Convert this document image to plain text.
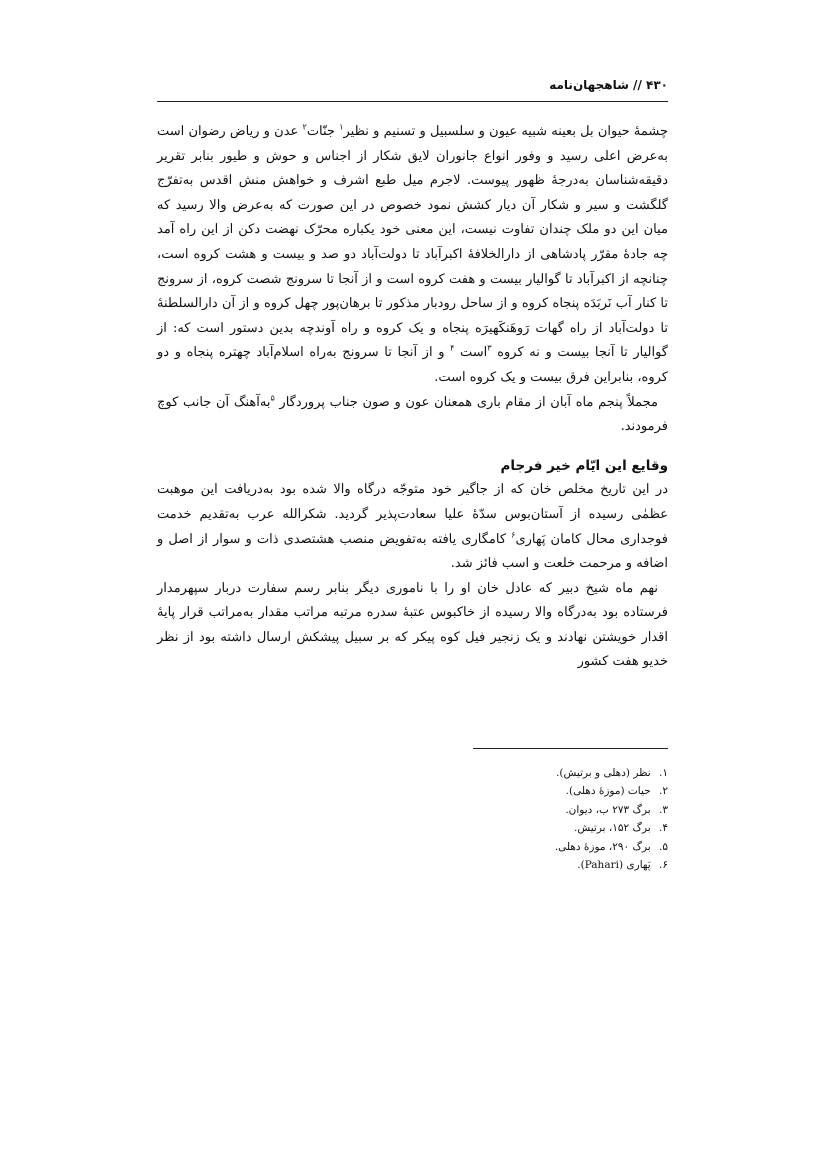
۴۳۰ // شاهجهان‌نامه

چشمهٔ حیوان بل بعینه شبیه عیون و سلسبیل و تسنیم و نظیر$^۱$ جنّات$^۲$ عدن و ریاض رضوان است به‌عرض اعلی رسید و وفور انواع جانوران لایق شکار از اجناس و حوش و طیور بنابر تقریر دقیقه‌شناسان به‌درجهٔ ظهور پیوست. لاجرم میل طبع اشرف و خواهش منش اقدس به‌تفرّج گلگشت و سیر و شکار آن دیار کشش نمود خصوص در این صورت که به‌عرض والا رسید که میان این دو ملک چندان تفاوت نیست، این معنی خود یکباره محرّک نهضت دکن از این راه آمد چه جادهٔ مقرّر پادشاهی از دارالخلافهٔ اکبرآباد تا دولت‌آباد دو صد و بیست و هشت کروه است، چنانچه از اکبرآباد تا گوالیار بیست و هفت کروه است و از آنجا تا سرونج شصت کروه، از سرونج تا کنار آب نَربَدَه پنجاه کروه و از ساحل رودبار مذکور تا برهان‌پور چهل کروه و از آن دارالسلطنهٔ تا دولت‌آباد از راه گهات رَوهَنکَهیرَه پنجاه و یک کروه و راه آوندچه بدین دستور است که: از گوالیار تا آنجا بیست و نه کروه $^۳$است $^۴$ و از آنجا تا سرونج به‌راه اسلام‌آباد چهتره پنجاه و دو کروه، بنابراین فرق بیست و یک کروه است.

مجملاً پنجم ماه آبان از مقام باری همعنان عون و صون جناب پروردگار $^۵$به‌آهنگ آن جانب کوچ فرمودند.

وقایع این ایّام خیر فرجام

در این تاریخ مخلص خان که از جاگیر خود متوجّه درگاه والا شده بود به‌دریافت این موهبت عظمٰی رسیده از آستان‌بوس سدّهٔ علیا سعادت‌پذیر گردید. شکرالله عرب به‌تقدیم خدمت فوجداری محال کامان پَهاری$^۶$ کامگاری یافته به‌تفویض منصب هشتصدی ذات و سوار از اصل و اضافه و مرحمت خلعت و اسب فائز شد.

نهم ماه شیخ دبیر که عادل خان او را با ناموری دیگر بنابر رسم سفارت دربار سپهرمدار فرستاده بود به‌درگاه والا رسیده از خاکبوس عتبهٔ سدره مرتبه مراتب مقدار به‌مراتب قرار پایهٔ اقدار خویشتن نهادند و یک زنجیر فیل کوه پیکر که بر سبیل پیشکش ارسال داشته بود از نظر خدیو هفت کشور

۱. نظر (دهلی و برتیش).
۲. حیات (موزهٔ دهلی).
۳. برگ ۲۷۳ ب، دیوان.
۴. برگ ۱۵۲، برتیش.
۵. برگ ۲۹۰، موزهٔ دهلی.
۶. پَهاری (Pahari).
